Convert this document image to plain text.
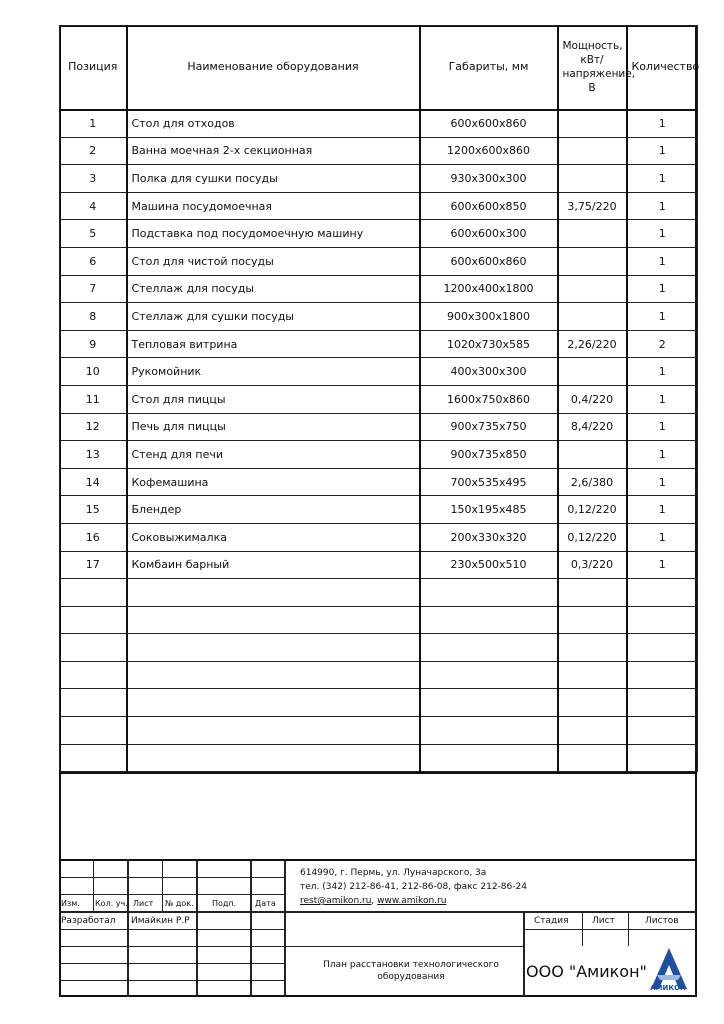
Позиция	Наименование оборудования	Габариты, мм	Мощность, кВт/ напряжение, В	Количество
1	Стол для отходов	600х600х860		1
2	Ванна моечная 2-х секционная	1200х600х860		1
3	Полка для сушки посуды	930х300х300		1
4	Машина посудомоечная	600х600х850	3,75/220	1
5	Подставка под посудомоечную машину	600х600х300		1
6	Стол для чистой посуды	600х600х860		1
7	Стеллаж для посуды	1200х400х1800		1
8	Стеллаж для сушки посуды	900х300х1800		1
9	Тепловая витрина	1020х730х585	2,26/220	2
10	Рукомойник	400х300х300		1
11	Стол для пиццы	1600х750х860	0,4/220	1
12	Печь для пиццы	900х735х750	8,4/220	1
13	Стенд для печи	900х735х850		1
14	Кофемашина	700х535х495	2,6/380	1
15	Блендер	150х195х485	0,12/220	1
16	Соковыжималка	200х330х320	0,12/220	1
17	Комбаин барный	230х500х510	0,3/220	1

614990, г. Пермь, ул. Луначарского, 3а
тел. (342) 212-86-41, 212-86-08, факс 212-86-24
rest@amikon.ru, www.amikon.ru
Изм. Кол. уч. Лист № док. Подп. Дата
Разработал Имайкин Р.Р	Стадия	Лист	Листов
План расстановки технологического оборудования	ООО "Амикон"
АМИКОН
